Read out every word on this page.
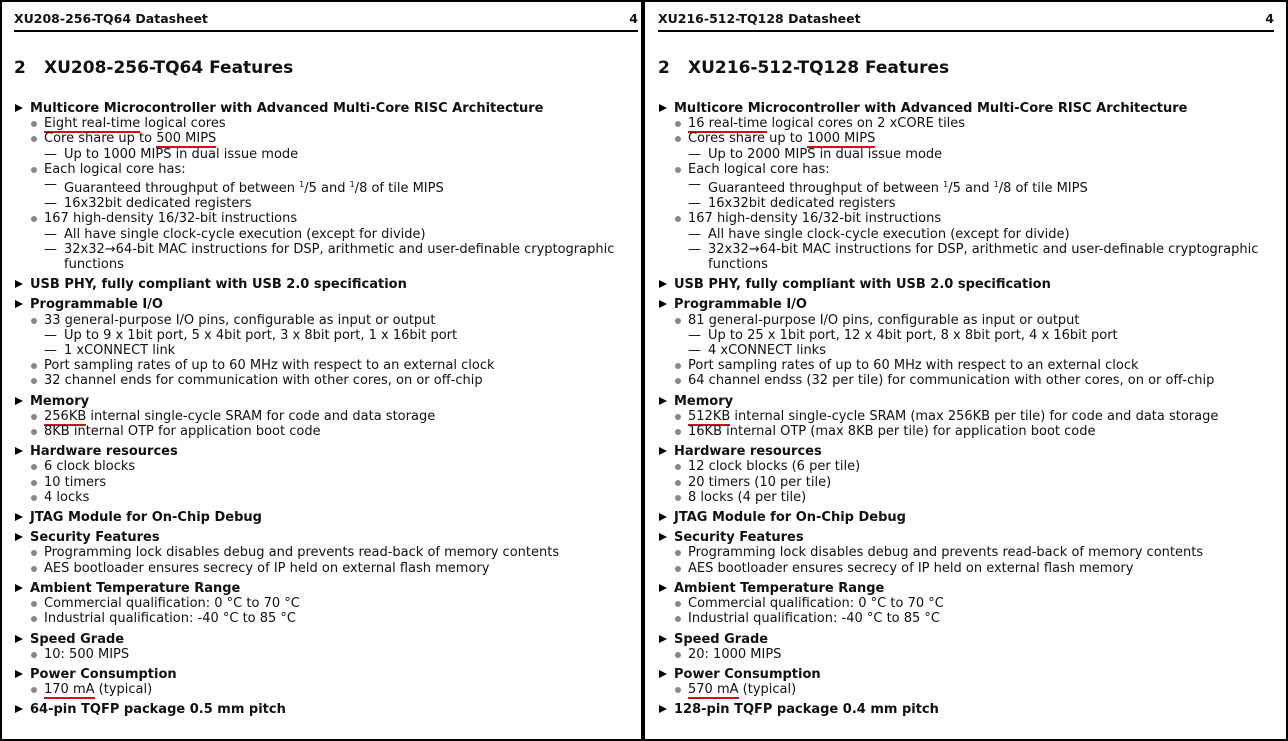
XU208-256-TQ64 Datasheet	4
2 XU208-256-TQ64 Features
Multicore Microcontroller with Advanced Multi-Core RISC Architecture
Eight real-time logical cores
Core share up to 500 MIPS
— Up to 1000 MIPS in dual issue mode
Each logical core has:
— Guaranteed throughput of between $^1$/5 and $^1$/8 of tile MIPS
— 16x32bit dedicated registers
167 high-density 16/32-bit instructions
— All have single clock-cycle execution (except for divide)
— 32x32→64-bit MAC instructions for DSP, arithmetic and user-definable cryptographic functions
USB PHY, fully compliant with USB 2.0 specification
Programmable I/O
33 general-purpose I/O pins, configurable as input or output
— Up to 9 x 1bit port, 5 x 4bit port, 3 x 8bit port, 1 x 16bit port
— 1 xCONNECT link
Port sampling rates of up to 60 MHz with respect to an external clock
32 channel ends for communication with other cores, on or off-chip
Memory
256KB internal single-cycle SRAM for code and data storage
8KB internal OTP for application boot code
Hardware resources
6 clock blocks
10 timers
4 locks
JTAG Module for On-Chip Debug
Security Features
Programming lock disables debug and prevents read-back of memory contents
AES bootloader ensures secrecy of IP held on external flash memory
Ambient Temperature Range
Commercial qualification: 0 °C to 70 °C
Industrial qualification: -40 °C to 85 °C
Speed Grade
10: 500 MIPS
Power Consumption
170 mA (typical)
64-pin TQFP package 0.5 mm pitch
XU216-512-TQ128 Datasheet	4
2 XU216-512-TQ128 Features
Multicore Microcontroller with Advanced Multi-Core RISC Architecture
16 real-time logical cores on 2 xCORE tiles
Cores share up to 1000 MIPS
— Up to 2000 MIPS in dual issue mode
Each logical core has:
— Guaranteed throughput of between $^1$/5 and $^1$/8 of tile MIPS
— 16x32bit dedicated registers
167 high-density 16/32-bit instructions
— All have single clock-cycle execution (except for divide)
— 32x32→64-bit MAC instructions for DSP, arithmetic and user-definable cryptographic functions
USB PHY, fully compliant with USB 2.0 specification
Programmable I/O
81 general-purpose I/O pins, configurable as input or output
— Up to 25 x 1bit port, 12 x 4bit port, 8 x 8bit port, 4 x 16bit port
— 4 xCONNECT links
Port sampling rates of up to 60 MHz with respect to an external clock
64 channel endss (32 per tile) for communication with other cores, on or off-chip
Memory
512KB internal single-cycle SRAM (max 256KB per tile) for code and data storage
16KB internal OTP (max 8KB per tile) for application boot code
Hardware resources
12 clock blocks (6 per tile)
20 timers (10 per tile)
8 locks (4 per tile)
JTAG Module for On-Chip Debug
Security Features
Programming lock disables debug and prevents read-back of memory contents
AES bootloader ensures secrecy of IP held on external flash memory
Ambient Temperature Range
Commercial qualification: 0 °C to 70 °C
Industrial qualification: -40 °C to 85 °C
Speed Grade
20: 1000 MIPS
Power Consumption
570 mA (typical)
128-pin TQFP package 0.4 mm pitch
